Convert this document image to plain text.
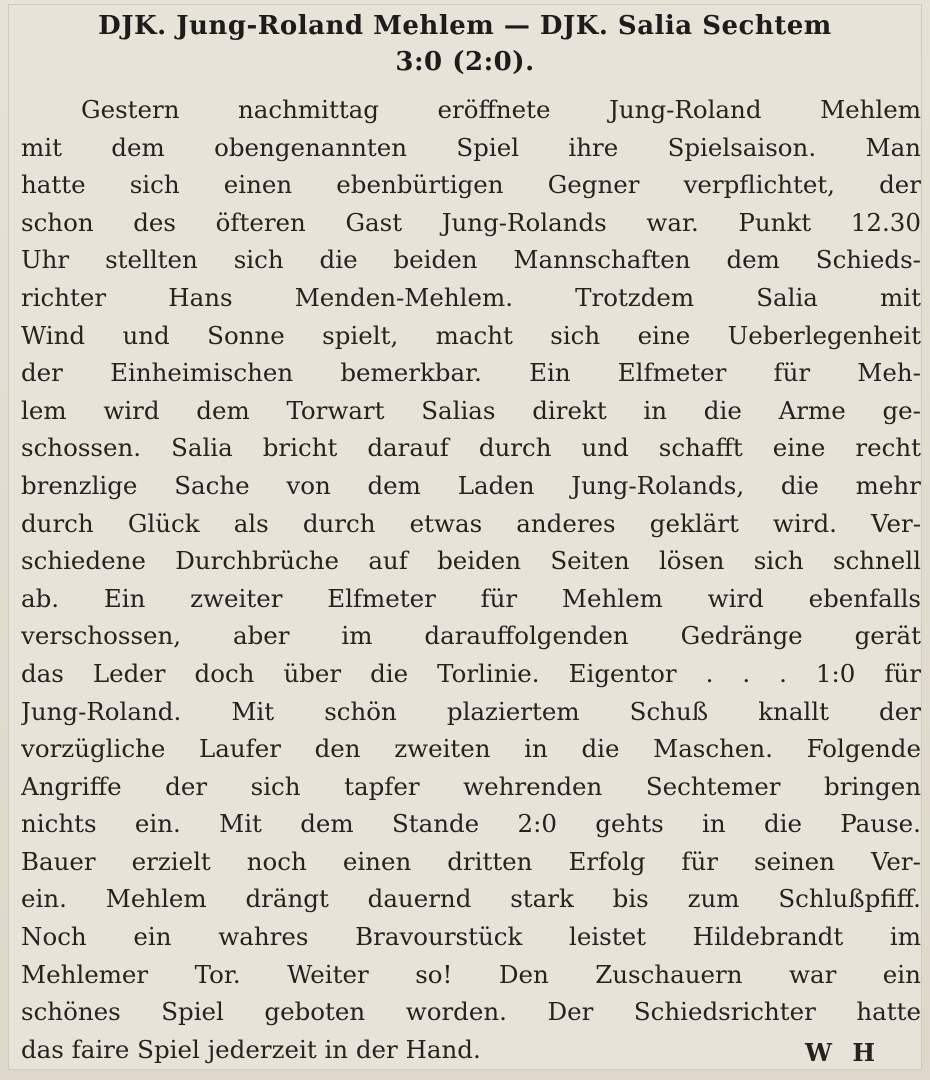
DJK. Jung-Roland Mehlem — DJK. Salia Sechtem
3:0 (2:0).
Gestern nachmittag eröffnete Jung-Roland Mehlem
mit dem obengenannten Spiel ihre Spielsaison. Man
hatte sich einen ebenbürtigen Gegner verpflichtet, der
schon des öfteren Gast Jung-Rolands war. Punkt 12.30
Uhr stellten sich die beiden Mannschaften dem Schieds-
richter	Hans	Menden-Mehlem.	Trotzdem	Salia	mit
Wind und Sonne spielt, macht sich eine Ueberlegenheit
der Einheimischen bemerkbar. Ein Elfmeter für Meh-
lem wird dem Torwart Salias direkt in die Arme ge-
schossen. Salia bricht darauf durch und schafft eine recht
brenzlige Sache von dem Laden Jung-Rolands, die mehr
durch Glück als durch etwas anderes geklärt wird. Ver-
schiedene Durchbrüche auf beiden Seiten lösen sich schnell
ab. Ein zweiter Elfmeter für Mehlem wird ebenfalls
verschossen, aber im darauffolgenden Gedränge gerät
das Leder doch über die Torlinie. Eigentor . . . 1:0 für
Jung-Roland. Mit schön plaziertem Schuß knallt der
vorzügliche Laufer den zweiten in die Maschen. Folgende
Angriffe der sich tapfer wehrenden Sechtemer bringen
nichts ein. Mit dem Stande 2:0 gehts in die Pause.
Bauer erzielt noch einen dritten Erfolg für seinen Ver-
ein. Mehlem drängt dauernd stark bis zum Schlußpfiff.
Noch ein wahres Bravourstück leistet Hildebrandt im
Mehlemer Tor. Weiter so! Den Zuschauern war ein
schönes Spiel geboten worden. Der Schiedsrichter hatte
das faire Spiel jederzeit in der Hand.	W H
